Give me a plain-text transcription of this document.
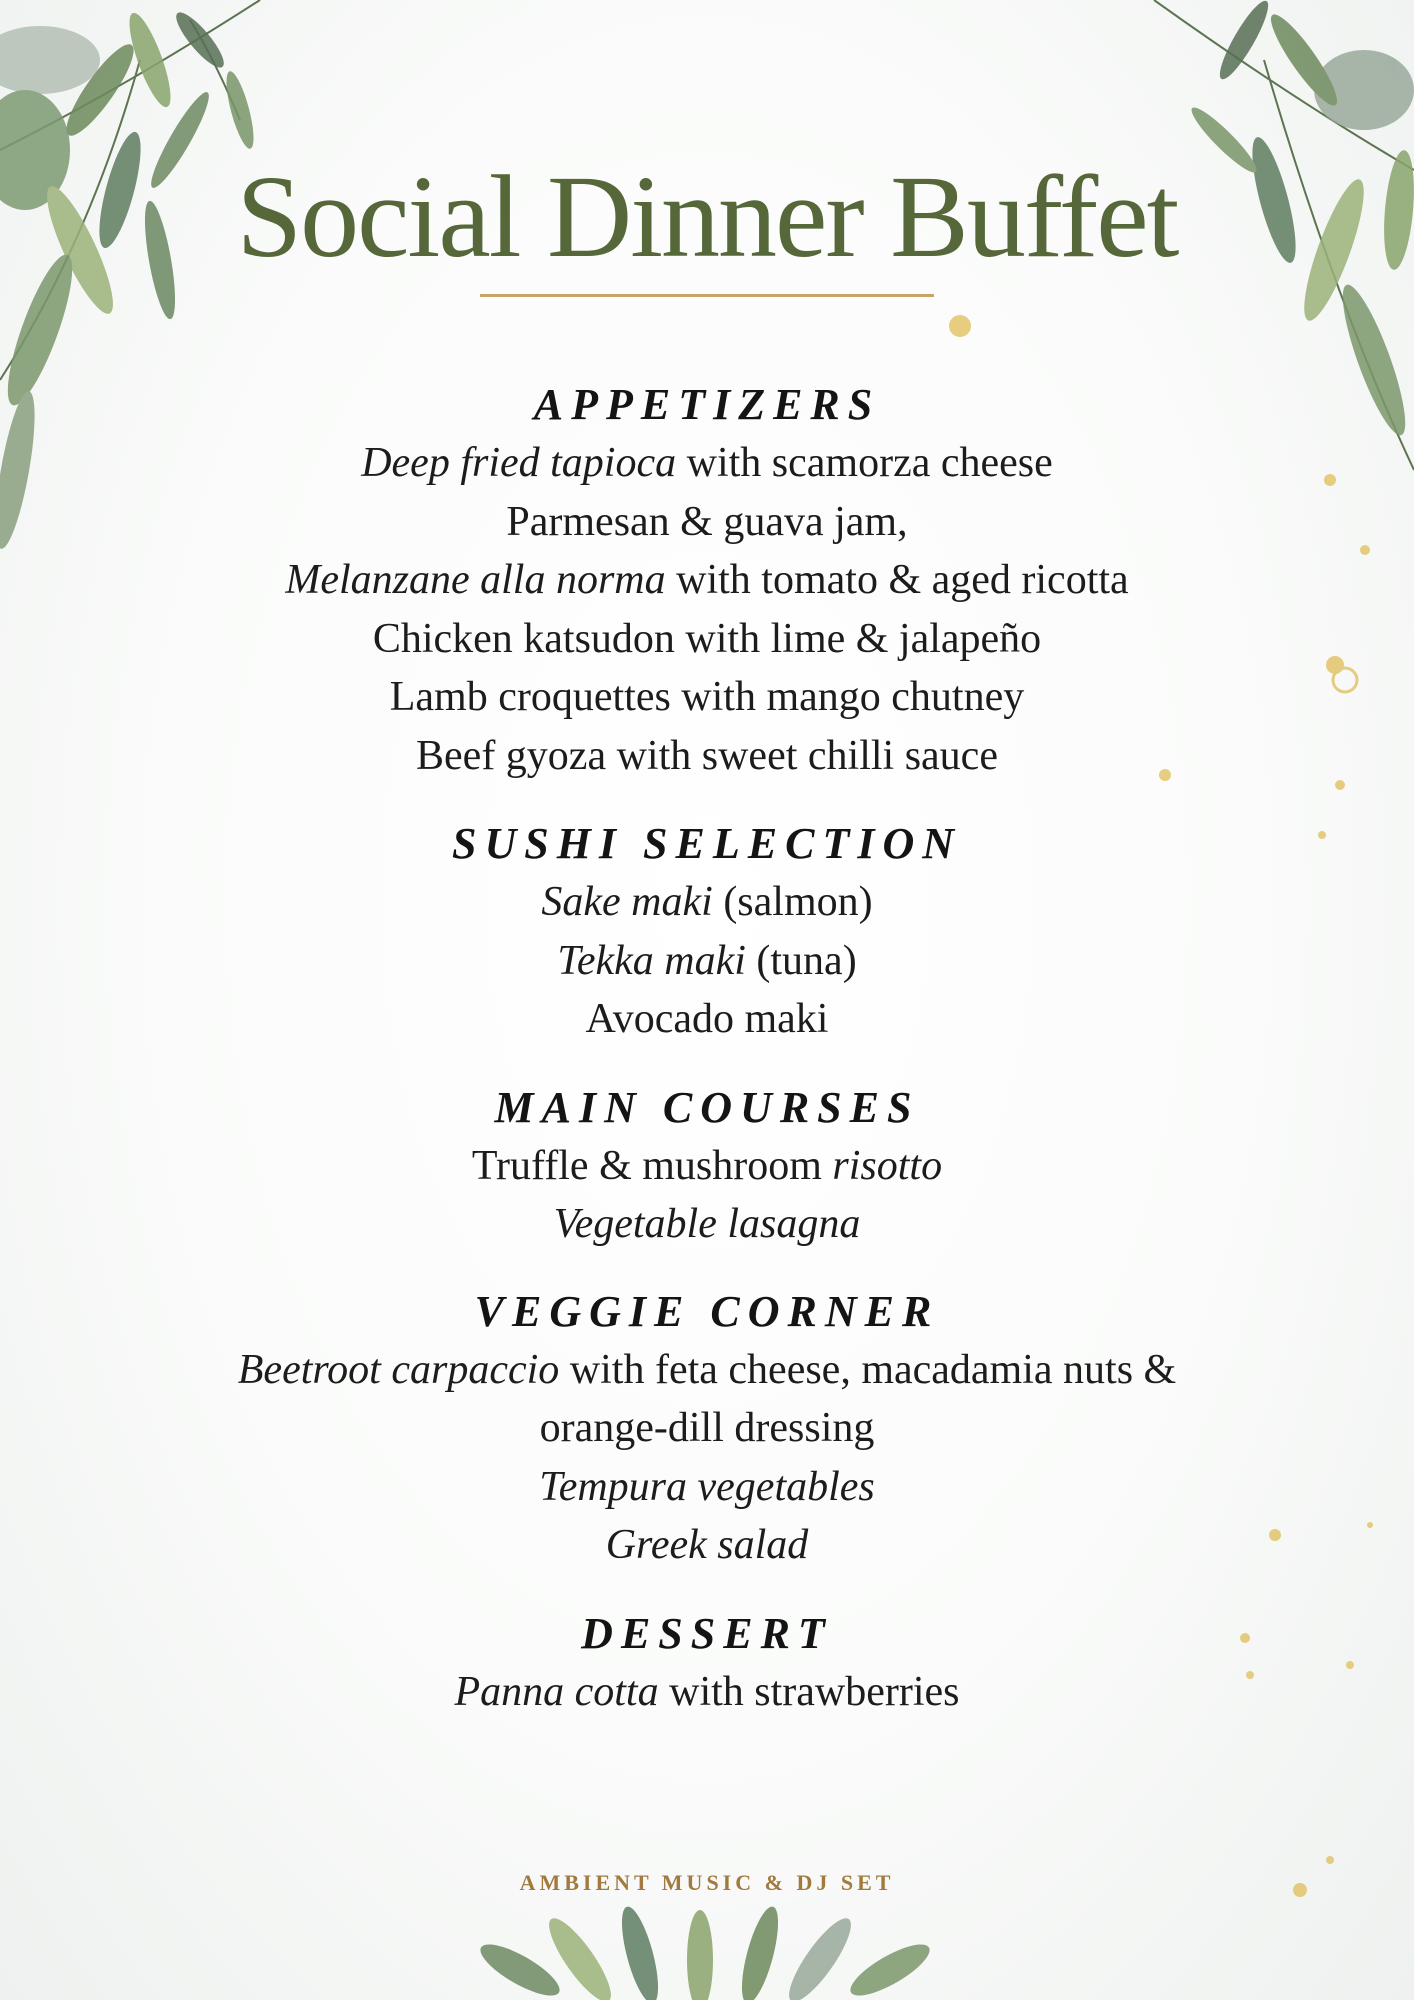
Social Dinner Buffet

APPETIZERS

Deep fried tapioca with scamorza cheese

Parmesan & guava jam,

Melanzane alla norma with tomato & aged ricotta

Chicken katsudon with lime & jalapeño

Lamb croquettes with mango chutney

Beef gyoza with sweet chilli sauce

SUSHI SELECTION

Sake maki (salmon)

Tekka maki (tuna)

Avocado maki

MAIN COURSES

Truffle & mushroom risotto

Vegetable lasagna

VEGGIE CORNER

Beetroot carpaccio with feta cheese, macadamia nuts &

orange-dill dressing

Tempura vegetables

Greek salad

DESSERT

Panna cotta with strawberries

AMBIENT MUSIC & DJ SET
